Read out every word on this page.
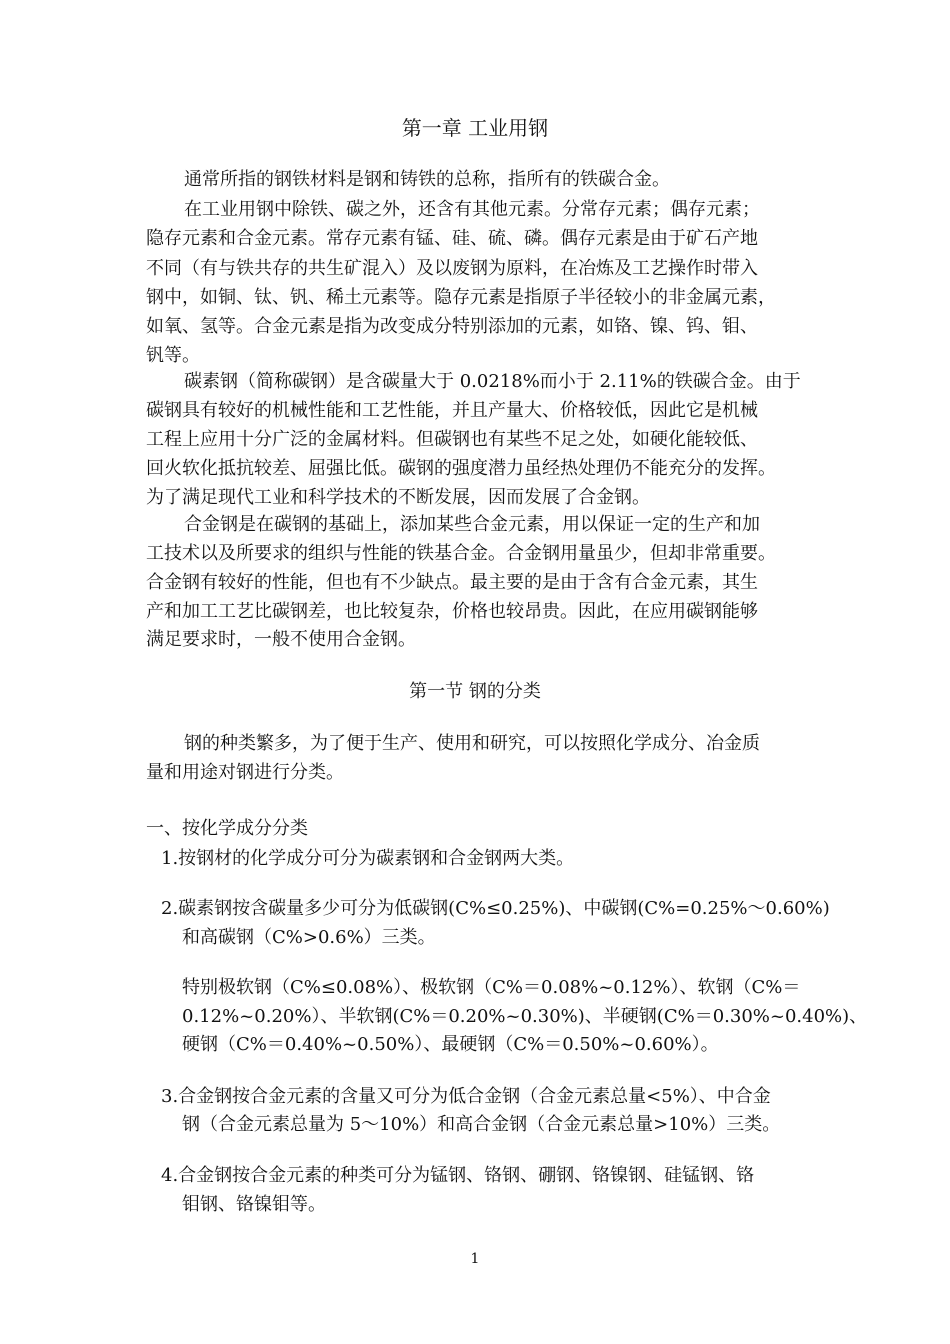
第一章 工业用钢
通常所指的钢铁材料是钢和铸铁的总称，指所有的铁碳合金。
在工业用钢中除铁、碳之外，还含有其他元素。分常存元素；偶存元素；
隐存元素和合金元素。常存元素有锰、硅、硫、磷。偶存元素是由于矿石产地
不同（有与铁共存的共生矿混入）及以废钢为原料，在冶炼及工艺操作时带入
钢中，如铜、钛、钒、稀土元素等。隐存元素是指原子半径较小的非金属元素，
如氧、氢等。合金元素是指为改变成分特别添加的元素，如铬、镍、钨、钼、
钒等。
碳素钢（简称碳钢）是含碳量大于 0.0218%而小于 2.11%的铁碳合金。由于
碳钢具有较好的机械性能和工艺性能，并且产量大、价格较低，因此它是机械
工程上应用十分广泛的金属材料。但碳钢也有某些不足之处，如硬化能较低、
回火软化抵抗较差、屈强比低。碳钢的强度潜力虽经热处理仍不能充分的发挥。
为了满足现代工业和科学技术的不断发展，因而发展了合金钢。
合金钢是在碳钢的基础上，添加某些合金元素，用以保证一定的生产和加
工技术以及所要求的组织与性能的铁基合金。合金钢用量虽少，但却非常重要。
合金钢有较好的性能，但也有不少缺点。最主要的是由于含有合金元素，其生
产和加工工艺比碳钢差，也比较复杂，价格也较昂贵。因此，在应用碳钢能够
满足要求时，一般不使用合金钢。
第一节 钢的分类
钢的种类繁多，为了便于生产、使用和研究，可以按照化学成分、冶金质
量和用途对钢进行分类。
一、按化学成分分类
1.按钢材的化学成分可分为碳素钢和合金钢两大类。
2.碳素钢按含碳量多少可分为低碳钢(C%≤0.25%)、中碳钢(C%=0.25%～0.60%)
和高碳钢（C%>0.6%）三类。
特别极软钢（C%≤0.08%）、极软钢（C%＝0.08%~0.12%）、软钢（C%＝
0.12%~0.20%）、半软钢(C%＝0.20%~0.30%)、半硬钢(C%＝0.30%~0.40%)、
硬钢（C%＝0.40%~0.50%）、最硬钢（C%＝0.50%~0.60%）。
3.合金钢按合金元素的含量又可分为低合金钢（合金元素总量<5%）、中合金
钢（合金元素总量为 5～10%）和高合金钢（合金元素总量>10%）三类。
4.合金钢按合金元素的种类可分为锰钢、铬钢、硼钢、铬镍钢、硅锰钢、铬
钼钢、铬镍钼等。
1
